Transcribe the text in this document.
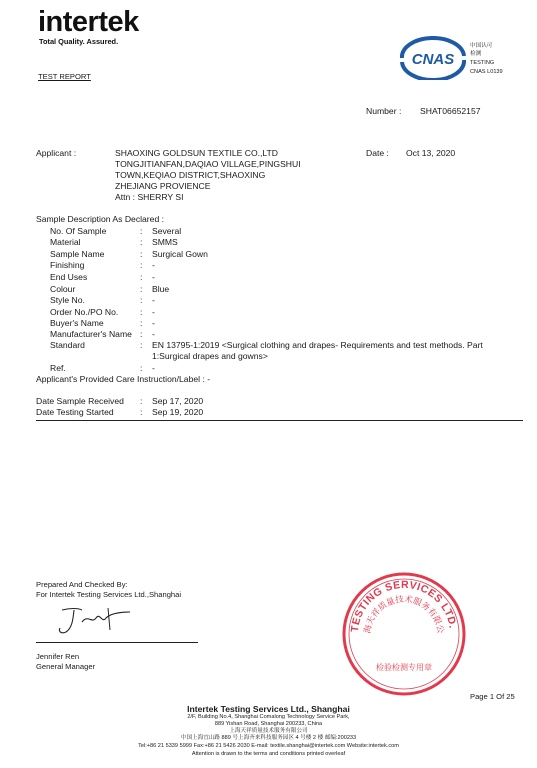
intertek
Total Quality. Assured.
CNAS
中国认可
检测
TESTING
CNAS L0139
TEST REPORT
Number : SHAT06652157
Applicant :	SHAOXING GOLDSUN TEXTILE CO.,LTD
TONGJITIANFAN,DAQIAO VILLAGE,PINGSHUI
TOWN,KEQIAO DISTRICT,SHAOXING
ZHEJIANG PROVIENCE
Attn : SHERRY SI
Date : Oct 13, 2020
Sample Description As Declared :
No. Of Sample	: Several
Material	: SMMS
Sample Name	: Surgical Gown
Finishing	: -
End Uses	: -
Colour	: Blue
Style No.	: -
Order No./PO No.	: -
Buyer's Name	: -
Manufacturer's Name : -
Standard	: EN 13795-1:2019 <Surgical clothing and drapes- Requirements and test methods. Part
1:Surgical drapes and gowns>
Ref.	: -
Applicant's Provided Care Instruction/Label : -
Date Sample Received : Sep 17, 2020
Date Testing Started	: Sep 19, 2020
Prepared And Checked By:
For Intertek Testing Services Ltd.,Shanghai
Jennifer Ren
General Manager
TESTING SERVICES LTD.
海天祥质量技术服务有限公
检验检测专用章
Page 1 Of 25
Intertek Testing Services Ltd., Shanghai
2/F, Building No.4, Shanghai Comalong Technology Service Park,
889 Yishan Road, Shanghai 200233, China
上海天祥质量技术服务有限公司
中国上海宜山路 889 号上海齐来科技服务园区 4 号楼 2 楼 邮编:200233
Tel:+86 21 5339 5999 Fax:+86 21 5426 2030 E-mail: textile.shanghai@intertek.com Website:intertek.com
Attention is drawn to the terms and conditions printed overleaf
